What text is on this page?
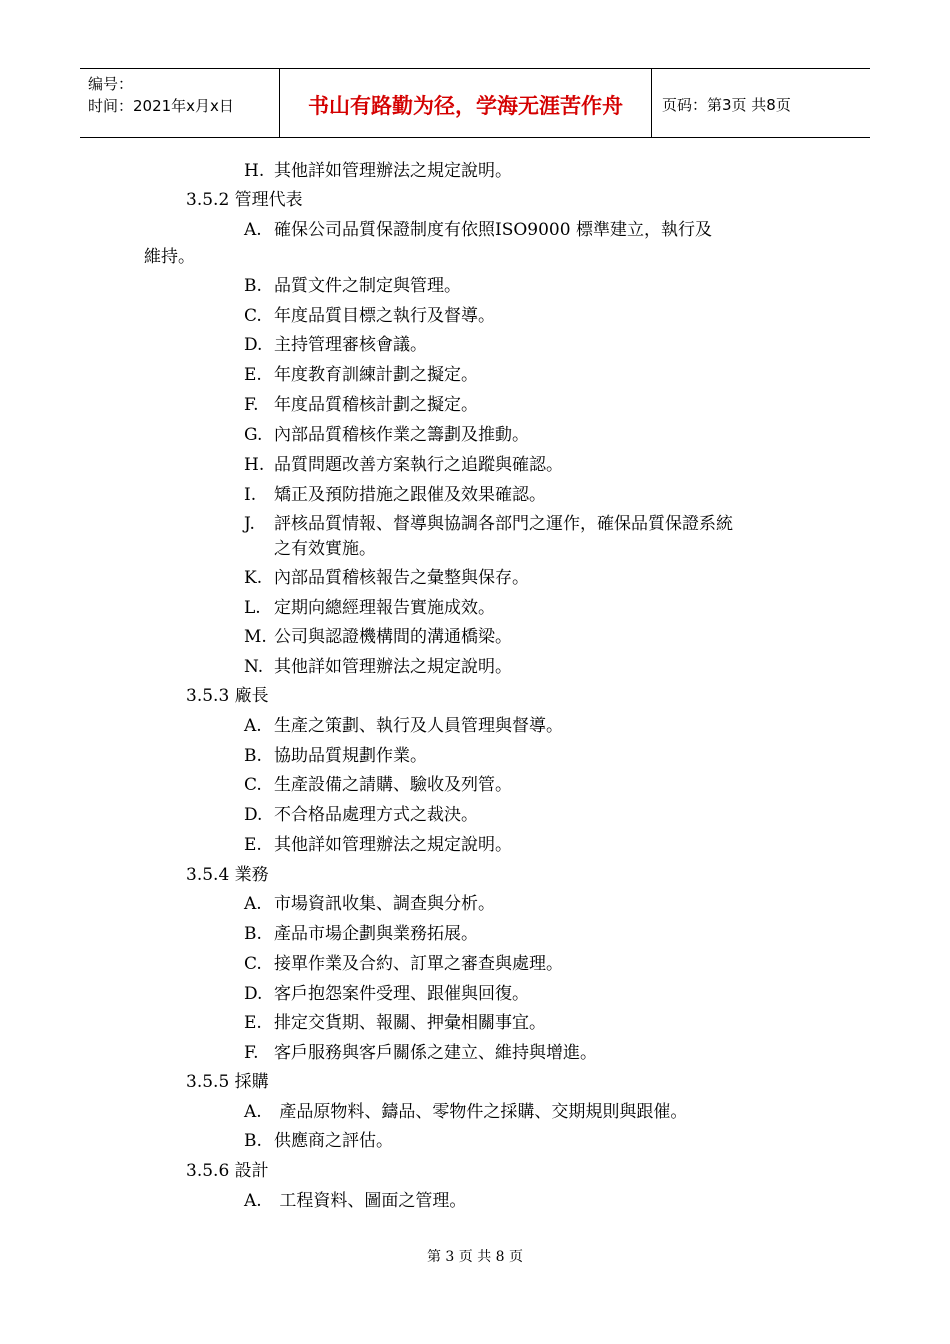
编号：
时间：2021年x月x日	书山有路勤为径，学海无涯苦作舟	页码：第3页 共8页
H. 其他詳如管理辦法之規定說明。
3.5.2 管理代表
A. 確保公司品質保證制度有依照ISO9000 標準建立，執行及
維持。
B. 品質文件之制定與管理。
C. 年度品質目標之執行及督導。
D. 主持管理審核會議。
E. 年度教育訓練計劃之擬定。
F. 年度品質稽核計劃之擬定。
G. 內部品質稽核作業之籌劃及推動。
H. 品質問題改善方案執行之追蹤與確認。
I. 矯正及預防措施之跟催及效果確認。
J. 評核品質情報、督導與協調各部門之運作，確保品質保證系統
之有效實施。
K. 內部品質稽核報告之彙整與保存。
L. 定期向總經理報告實施成效。
M. 公司與認證機構間的溝通橋梁。
N. 其他詳如管理辦法之規定說明。
3.5.3 廠長
A. 生產之策劃、執行及人員管理與督導。
B. 協助品質規劃作業。
C. 生產設備之請購、驗收及列管。
D. 不合格品處理方式之裁決。
E. 其他詳如管理辦法之規定說明。
3.5.4 業務
A. 市場資訊收集、調查與分析。
B. 產品市場企劃與業務拓展。
C. 接單作業及合約、訂單之審查與處理。
D. 客戶抱怨案件受理、跟催與回復。
E. 排定交貨期、報關、押彙相關事宜。
F. 客戶服務與客戶關係之建立、維持與增進。
3.5.5 採購
A. 產品原物料、鑄品、零物件之採購、交期規則與跟催。
B. 供應商之評估。
3.5.6 設計
A. 工程資料、圖面之管理。
第 3 页 共 8 页
